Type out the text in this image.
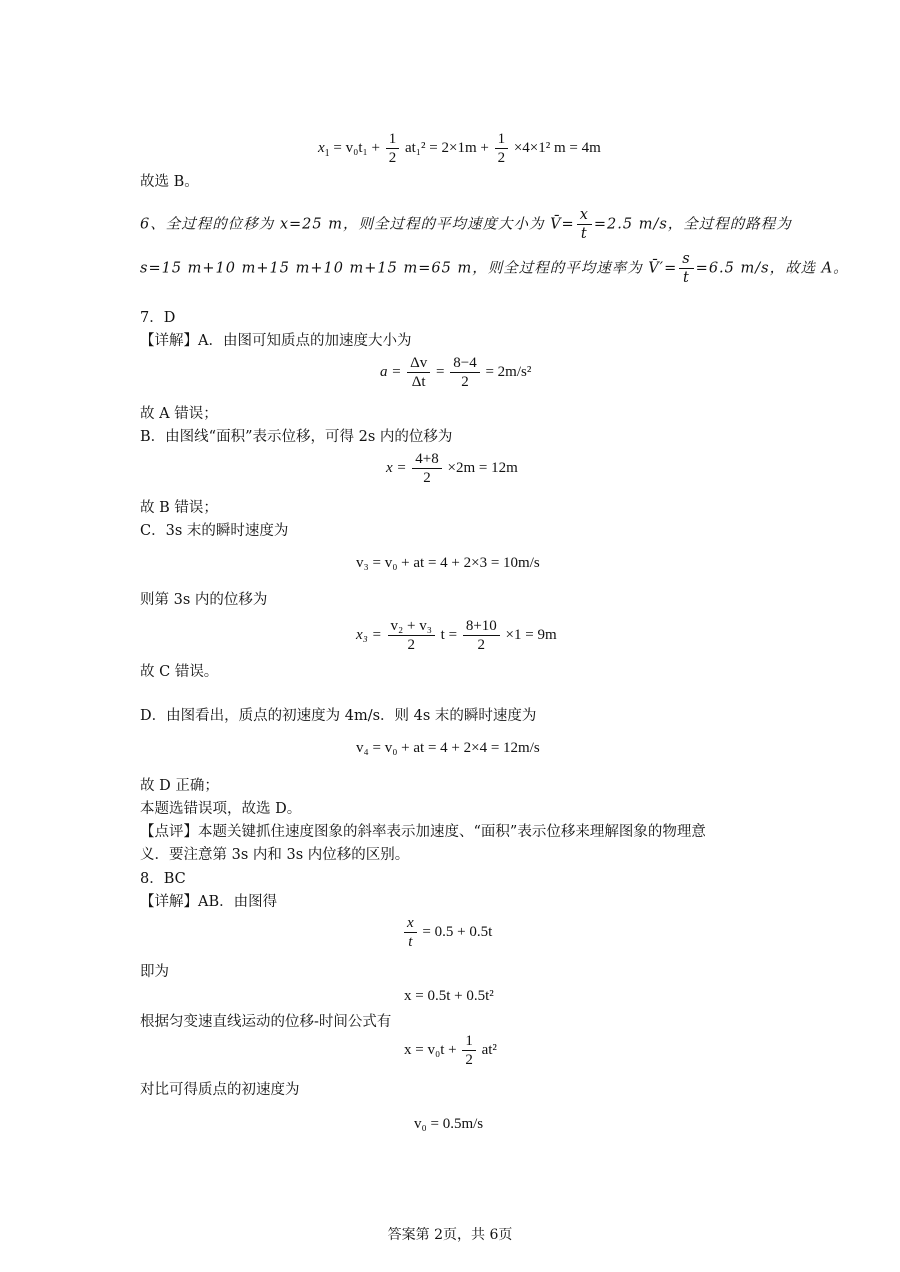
$x_1 = v_0t_1 + \frac{1}{2} at_1^2 = 2\times 1m + \frac{1}{2} \times 4\times 1^2$ m = 4m
故选 B。
6、全过程的位移为 x=25 m，则全过程的平均速度大小为 V̄= $\frac{x}{t} =2.5$ m/s，全过程的路程为
s=15 m+10 m+15 m+10 m+15 m=65 m，则全过程的平均速率为 V̄′= $\frac{s}{t} =6.5$ m/s，故选 A。
7．D
【详解】A．由图可知质点的加速度大小为
$a = \frac{\Delta v}{\Delta t} = \frac{8-4}{2} = 2m/s^2$
故 A 错误；
B．由图线“面积”表示位移，可得 2s 内的位移为
$x = \frac{4+8}{2} \times 2m = 12m$
故 B 错误；
C．3s 末的瞬时速度为
v₃ = v₀ + at = 4 + 2×3 = 10m/s
则第 3s 内的位移为
$x_3 = \frac{\text{v₂ + v₃}}{2}$ $t = \frac{8+10}{2} \times 1 = 9m$
故 C 错误。
D．由图看出，质点的初速度为 4m/s．则 4s 末的瞬时速度为
v₄ = v₀ + at = 4 + 2×4 = 12m/s
故 D 正确；
本题选错误项，故选 D。
【点评】本题关键抓住速度图象的斜率表示加速度、“面积”表示位移来理解图象的物理意
义．要注意第 3s 内和 3s 内位移的区别。
8．BC
【详解】AB．由图得
$\frac{x}{t} = 0.5 + 0.5t$
即为
x = 0.5t + 0.5t²
根据匀变速直线运动的位移-时间公式有
$x = v_0t + \frac{1}{2} at^2$
对比可得质点的初速度为
v₀ = 0.5m/s
答案第 2页，共 6页
